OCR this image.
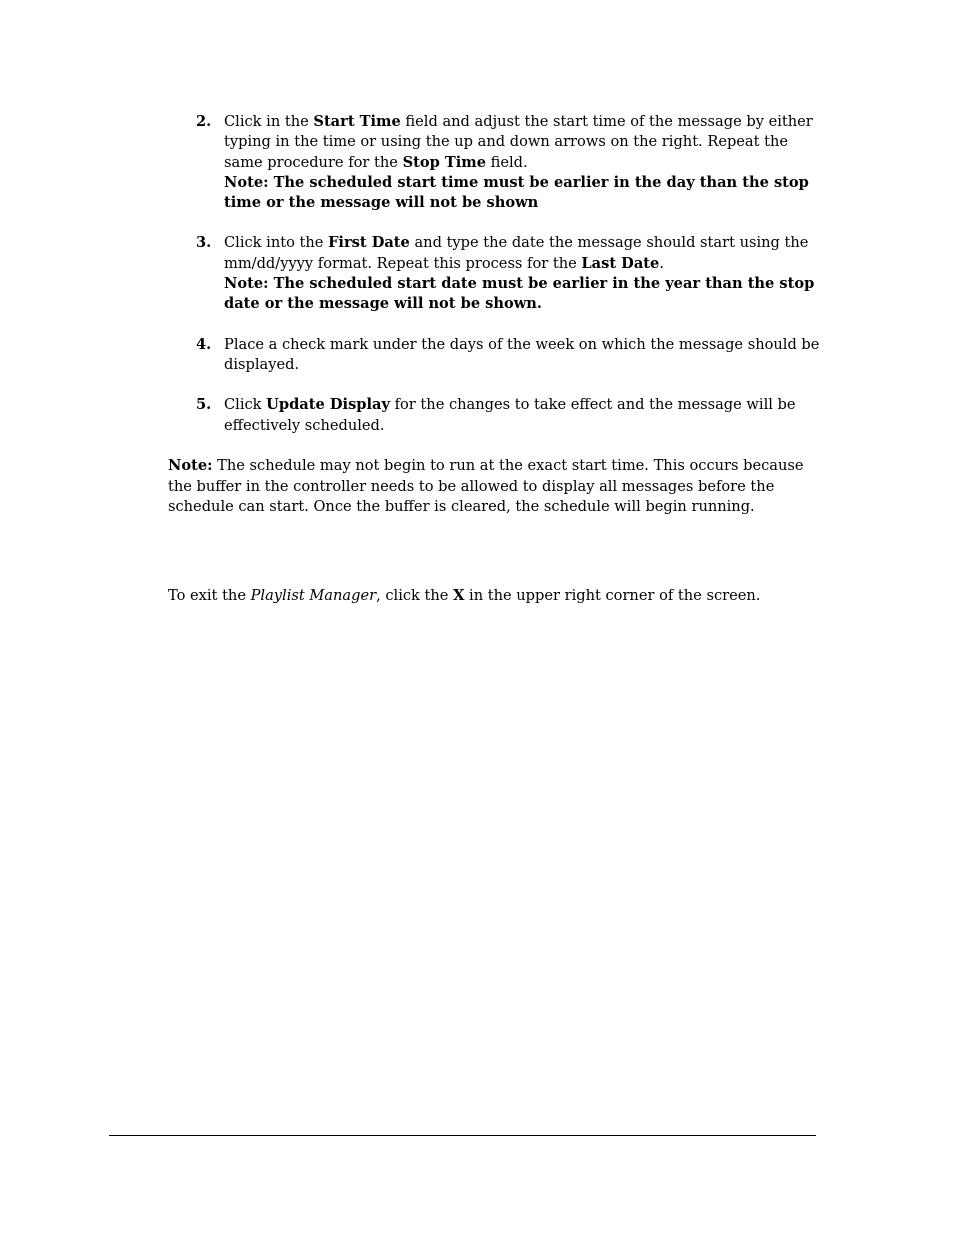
2. Click in the Start Time field and adjust the start time of the message by either typing in the time or using the up and down arrows on the right. Repeat the same procedure for the Stop Time field.

Note: The scheduled start time must be earlier in the day than the stop time or the message will not be shown

3. Click into the First Date and type the date the message should start using the mm/dd/yyyy format. Repeat this process for the Last Date.

Note: The scheduled start date must be earlier in the year than the stop date or the message will not be shown.

4. Place a check mark under the days of the week on which the message should be displayed.

5. Click Update Display for the changes to take effect and the message will be effectively scheduled.

Note: The schedule may not begin to run at the exact start time. This occurs because the buffer in the controller needs to be allowed to display all messages before the schedule can start. Once the buffer is cleared, the schedule will begin running.

To exit the Playlist Manager, click the X in the upper right corner of the screen.
